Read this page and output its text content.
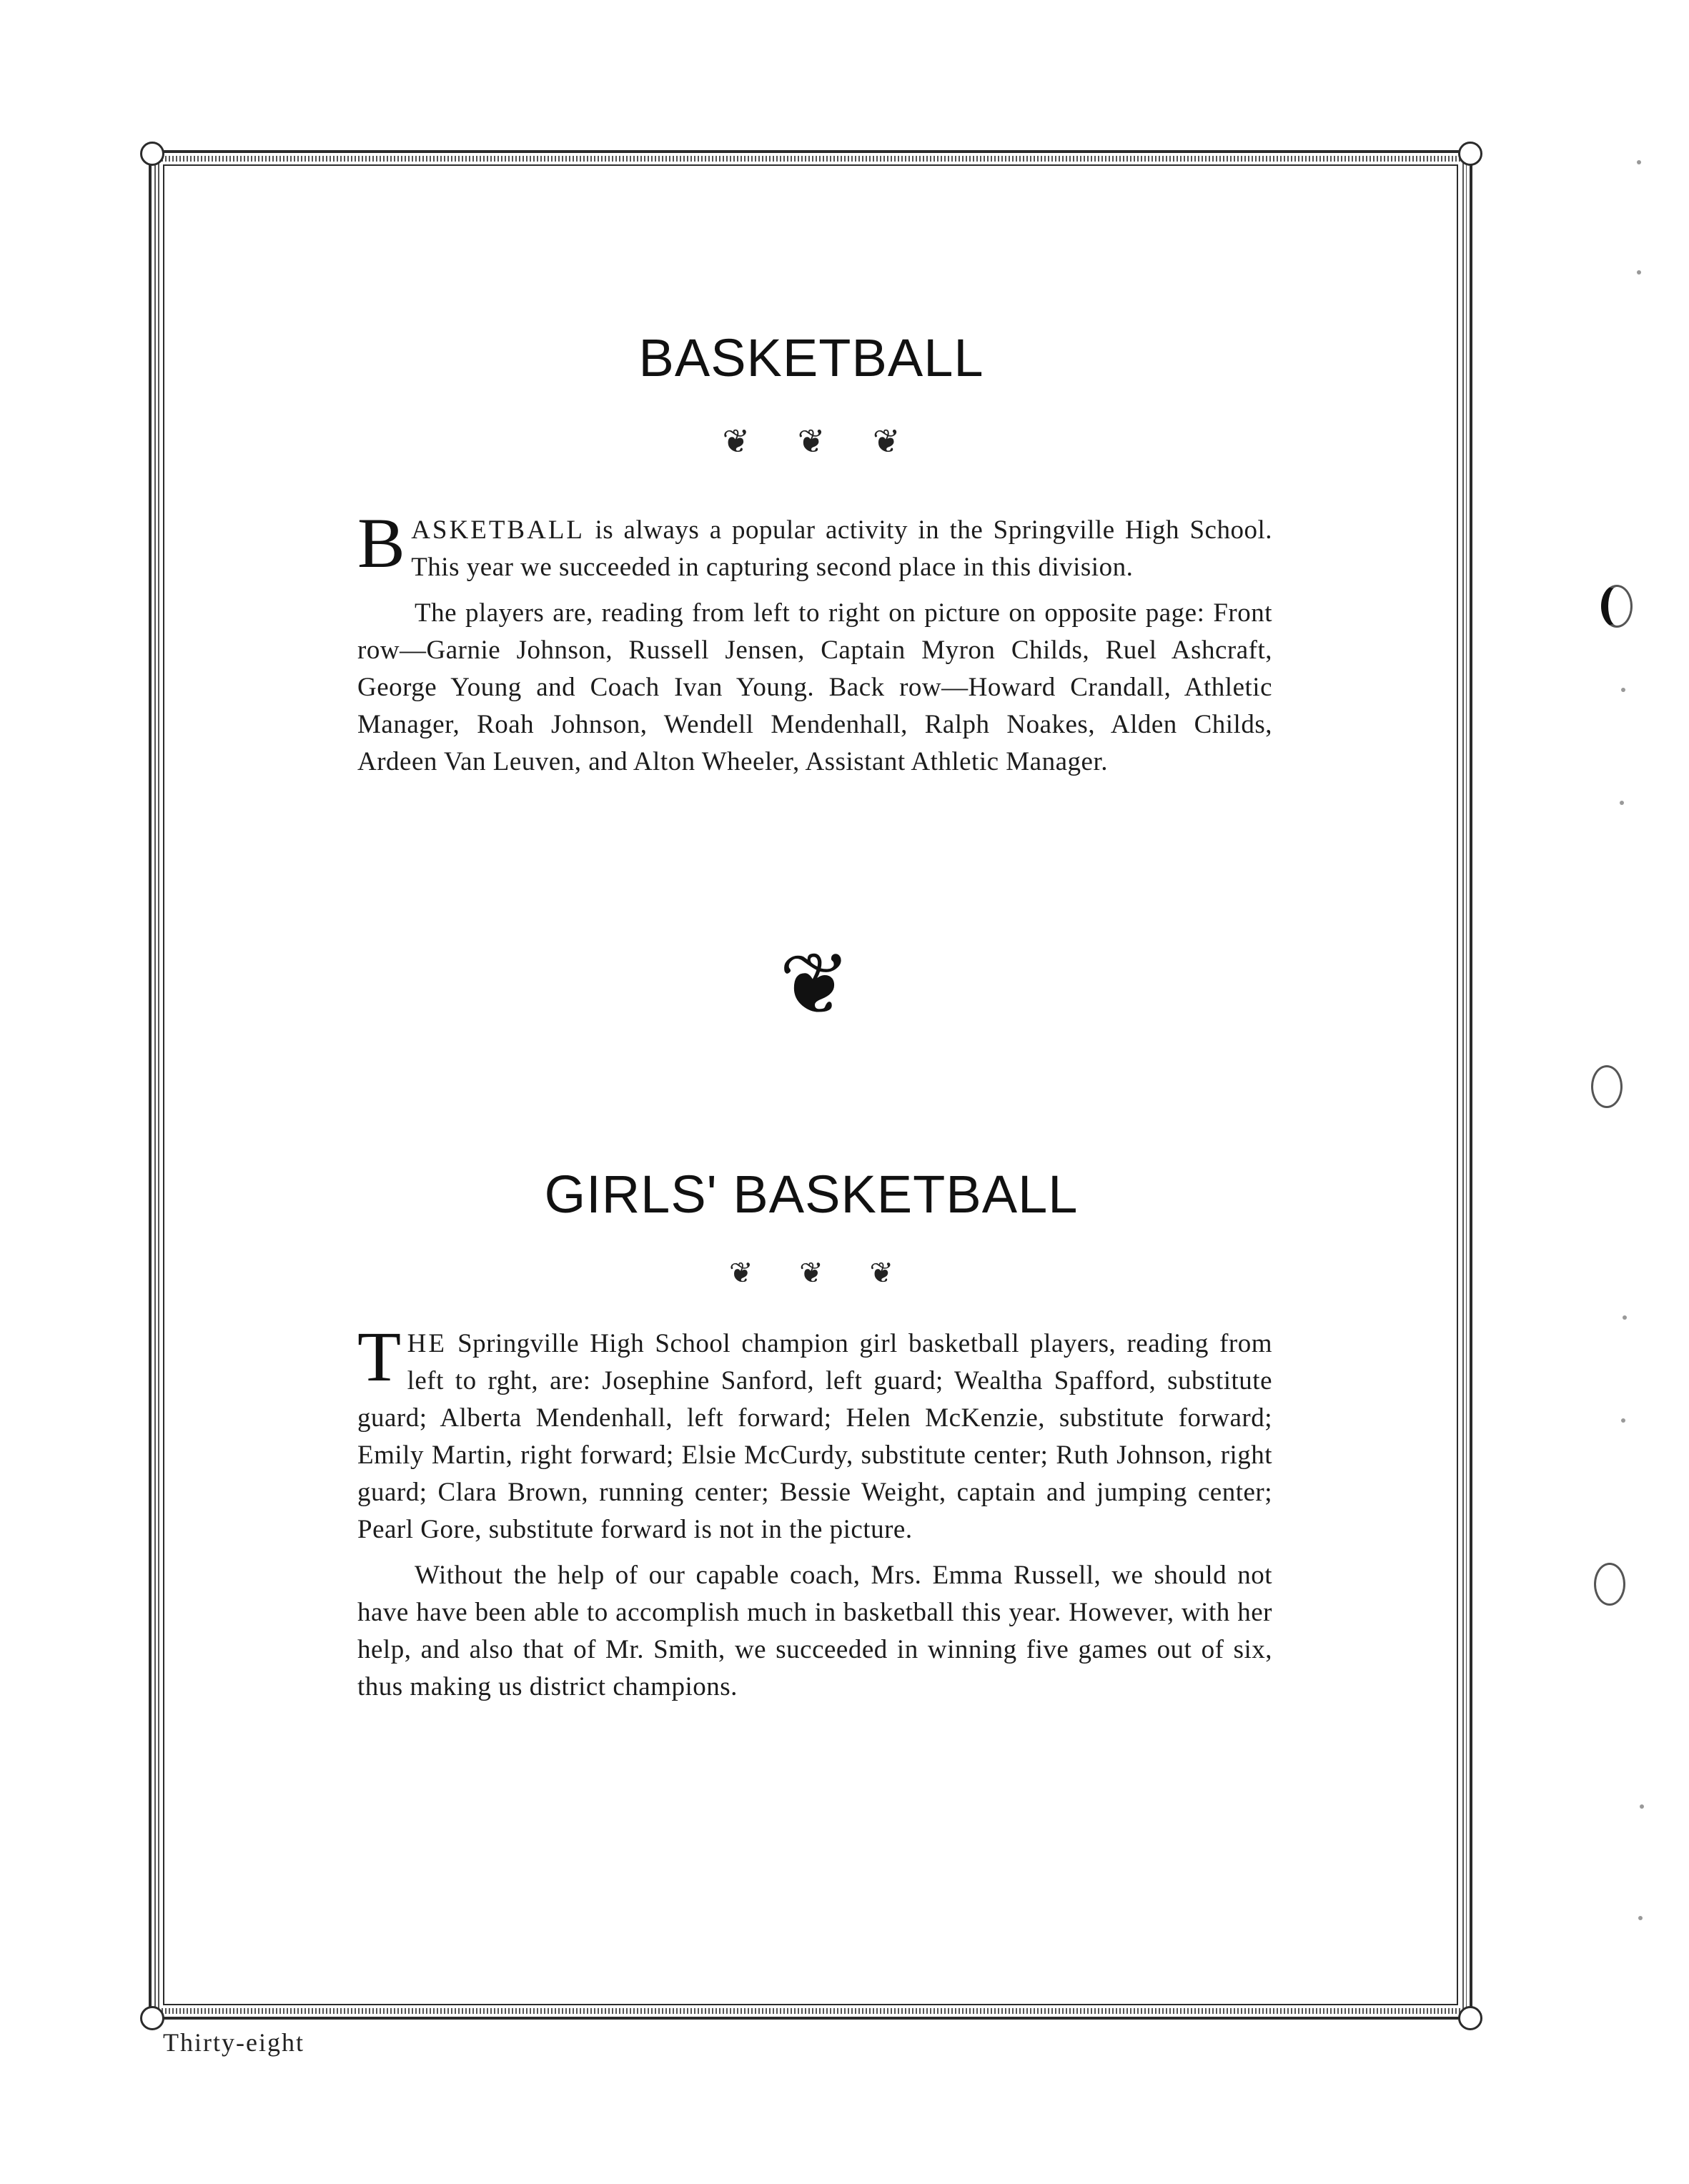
BASKETBALL
❦ ❦ ❦

BASKETBALL is always a popular activity in the Springville High School. This year we succeeded in capturing second place in this division.

The players are, reading from left to right on picture on opposite page: Front row—Garnie Johnson, Russell Jensen, Captain Myron Childs, Ruel Ashcraft, George Young and Coach Ivan Young. Back row—Howard Crandall, Athletic Manager, Roah Johnson, Wendell Mendenhall, Ralph Noakes, Alden Childs, Ardeen Van Leuven, and Alton Wheeler, Assistant Athletic Manager.

❦
GIRLS' BASKETBALL
❦ ❦ ❦

THE Springville High School champion girl basketball players, reading from left to rght, are: Josephine Sanford, left guard; Wealtha Spafford, substitute guard; Alberta Mendenhall, left forward; Helen McKenzie, substitute forward; Emily Martin, right forward; Elsie McCurdy, substitute center; Ruth Johnson, right guard; Clara Brown, running center; Bessie Weight, captain and jumping center; Pearl Gore, substitute forward is not in the picture.

Without the help of our capable coach, Mrs. Emma Russell, we should not have have been able to accomplish much in basketball this year. However, with her help, and also that of Mr. Smith, we succeeded in winning five games out of six, thus making us district champions.

Thirty-eight
